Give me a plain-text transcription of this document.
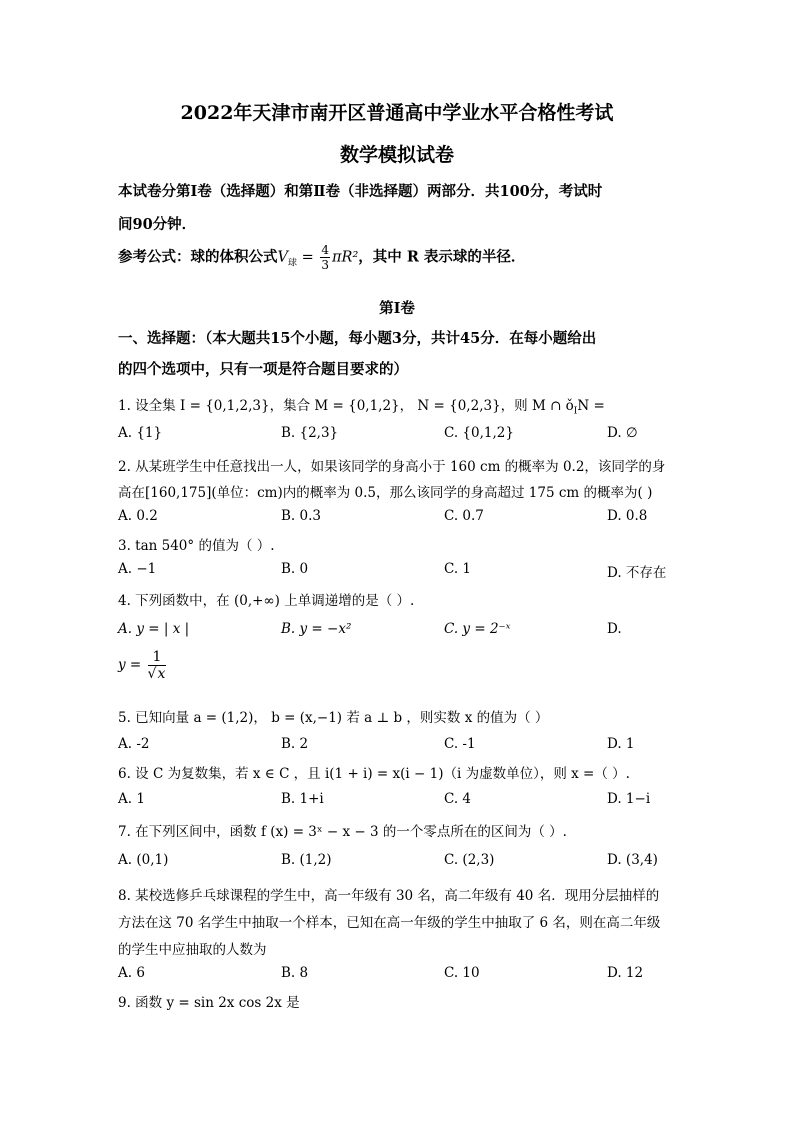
2022年天津市南开区普通高中学业水平合格性考试
数学模拟试卷
本试卷分第Ⅰ卷（选择题）和第Ⅱ卷（非选择题）两部分．共100分，考试时
间90分钟．
参考公式：球的体积公式$V_球 = \frac{4}{3} \pi R^2$，其中 R 表示球的半径．
第Ⅰ卷
一、选择题：（本大题共15个小题，每小题3分，共计45分．在每小题给出
的四个选项中，只有一项是符合题目要求的）
1. 设全集 I = {0,1,2,3}，集合 M = {0,1,2}， N = {0,2,3}，则 M ∩ $ǒ_IN$ =
A. {1}	B. {2,3}	C. {0,1,2}	D. ∅
2. 从某班学生中任意找出一人，如果该同学的身高小于 160 cm 的概率为 0.2，该同学的身
高在[160,175](单位：cm)内的概率为 0.5，那么该同学的身高超过 175 cm 的概率为( )
A. 0.2	B. 0.3	C. 0.7	D. 0.8
3. tan 540° 的值为（ ）.
A. −1	B. 0	C. 1	D. 不存在
4. 下列函数中，在 (0,+∞) 上单调递增的是（ ）.
A. y = | x |	B. y = −x²	C. y = 2⁻ˣ	D.
$y = \frac{1}{√x}$
5. 已知向量 a = (1,2)， b = (x,−1) 若 a ⊥ b ，则实数 x 的值为（ ）
A. -2	B. 2	C. -1	D. 1
6. 设 C 为复数集，若 x ∈ C ，且 i(1 + i) = x(i − 1)（i 为虚数单位），则 x =（ ）.
A. 1	B. 1+i	C. 4	D. 1−i
7. 在下列区间中，函数 f (x) = 3ˣ − x − 3 的一个零点所在的区间为（ ）.
A. (0,1)	B. (1,2)	C. (2,3)	D. (3,4)
8. 某校选修乒乓球课程的学生中，高一年级有 30 名，高二年级有 40 名．现用分层抽样的
方法在这 70 名学生中抽取一个样本，已知在高一年级的学生中抽取了 6 名，则在高二年级
的学生中应抽取的人数为
A. 6	B. 8	C. 10	D. 12
9. 函数 y = sin 2x cos 2x 是
